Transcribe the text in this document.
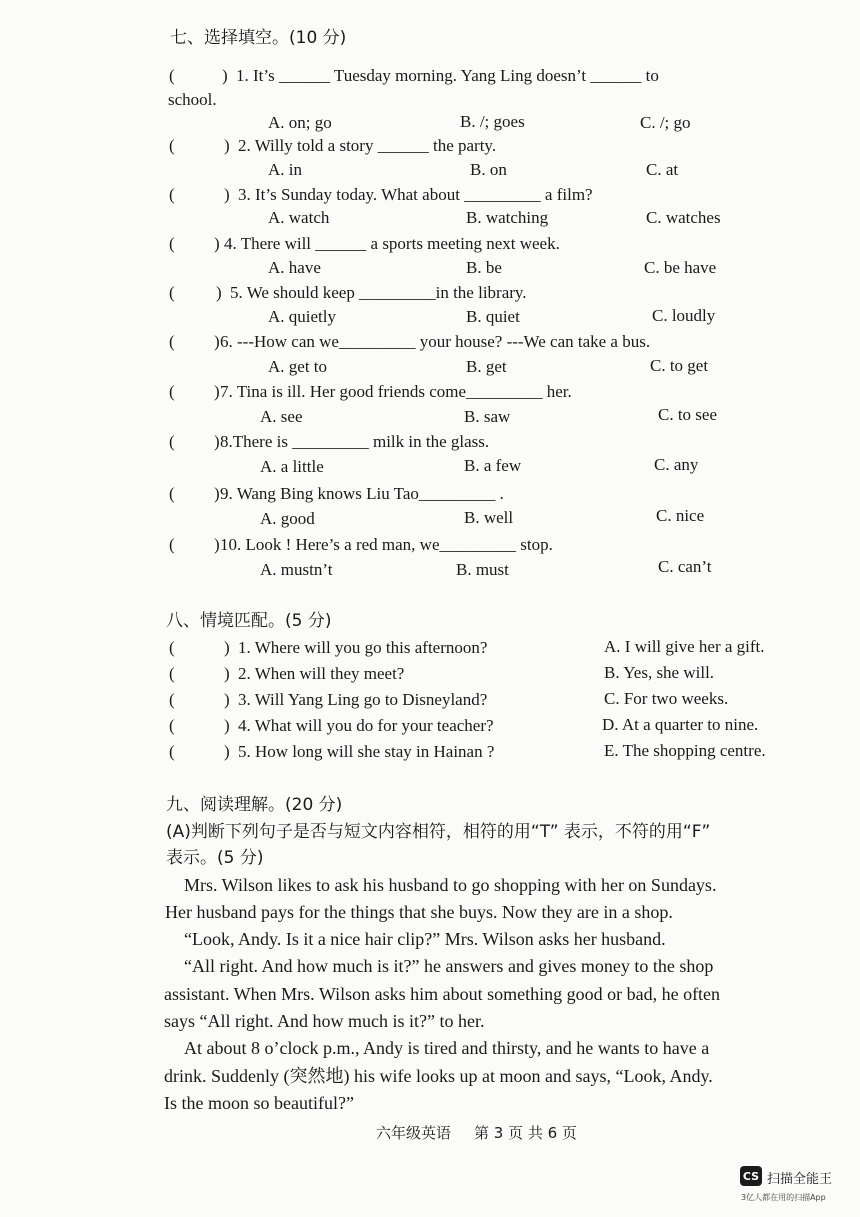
七、选择填空。(10 分)
(	) 1. It’s ______ Tuesday morning. Yang Ling doesn’t ______ to
school.
A. on; go	B. /; goes	C. /; go
(	) 2. Willy told a story ______ the party.
A. in	B. on	C. at
(	) 3. It’s Sunday today. What about _________ a film?
A. watch	B. watching	C. watches
( ) 4. There will ______ a sports meeting next week.
A. have	B. be	C. be have
( ) 5. We should keep _________in the library.
A. quietly	B. quiet	C. loudly
( ) 6. ---How can we_________ your house? ---We can take a bus.
A. get to	B. get	C. to get
( ) 7. Tina is ill. Her good friends come_________ her.
A. see	B. saw	C. to see
( ) 8.There is _________ milk in the glass.
A. a little	B. a few	C. any
( ) 9. Wang Bing knows Liu Tao_________ .
A. good	B. well	C. nice
( ) 10. Look ! Here’s a red man, we_________ stop.
A. mustn’t	B. must	C. can’t
八、情境匹配。(5 分)
(	) 1. Where will you go this afternoon?	A. I will give her a gift.
(	) 2. When will they meet?	B. Yes, she will.
(	) 3. Will Yang Ling go to Disneyland?	C. For two weeks.
(	) 4. What will you do for your teacher?	D. At a quarter to nine.
(	) 5. How long will she stay in Hainan ?	E. The shopping centre.
九、阅读理解。(20 分)
(A)判断下列句子是否与短文内容相符，相符的用“T” 表示，不符的用“F”
表示。(5 分)
Mrs. Wilson likes to ask his husband to go shopping with her on Sundays.
Her husband pays for the things that she buys. Now they are in a shop.
“Look, Andy. Is it a nice hair clip?” Mrs. Wilson asks her husband.
“All right. And how much is it?” he answers and gives money to the shop
assistant. When Mrs. Wilson asks him about something good or bad, he often
says “All right. And how much is it?” to her.
At about 8 o’clock p.m., Andy is tired and thirsty, and he wants to have a
drink. Suddenly (突然地) his wife looks up at moon and says, “Look, Andy.
Is the moon so beautiful?”
六年级英语 第 3 页 共 6 页
CS 扫描全能王
3亿人都在用的扫描App
